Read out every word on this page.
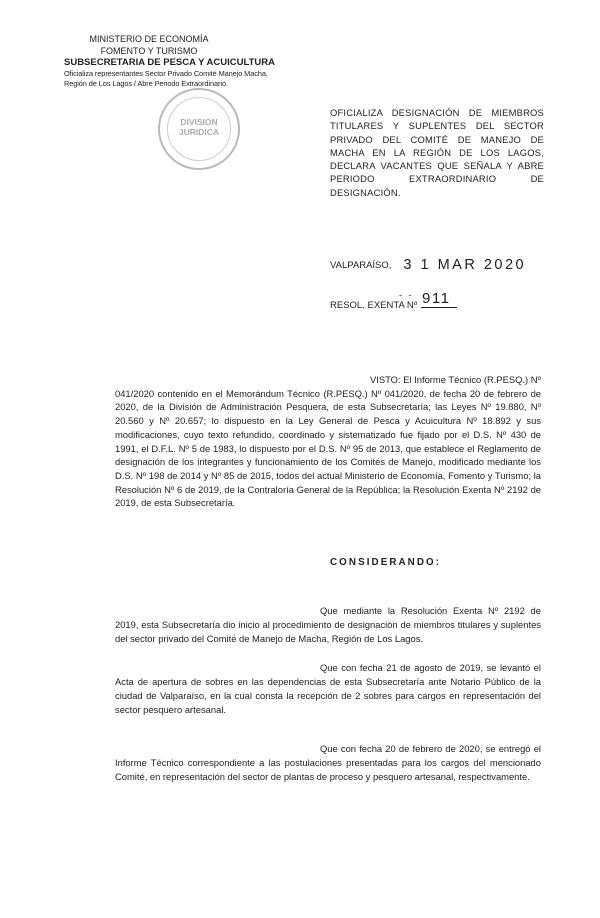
MINISTERIO DE ECONOMÍA
FOMENTO Y TURISMO
SUBSECRETARIA DE PESCA Y ACUICULTURA
Oficializa representantes Sector Privado Comité Manejo Macha,
Región de Los Lagos / Abre Periodo Extraordinario.
DIVISION
JURIDICA
OFICIALIZA DESIGNACIÓN DE MIEMBROS TITULARES Y SUPLENTES DEL SECTOR PRIVADO DEL COMITÉ DE MANEJO DE MACHA EN LA REGIÓN DE LOS LAGOS, DECLARA VACANTES QUE SEÑALA Y ABRE PERIODO EXTRAORDINARIO DE DESIGNACIÓN.
VALPARAÍSO, 3 1 MAR 2020
- -
RESOL. EXENTA Nº 911
VISTO: El Informe Técnico (R.PESQ.) Nº 041/2020 contenido en el Memorándum Técnico (R.PESQ.) Nº 041/2020, de fecha 20 de febrero de 2020, de la División de Administración Pesquera, de esta Subsecretaría; las Leyes Nº 19.880, Nº 20.560 y Nº 20.657; lo dispuesto en la Ley General de Pesca y Acuicultura Nº 18.892 y sus modificaciones, cuyo texto refundido, coordinado y sistematizado fue fijado por el D.S. Nº 430 de 1991, el D.F.L. Nº 5 de 1983, lo dispuesto por el D.S. Nº 95 de 2013, que establece el Reglamento de designación de los integrantes y funcionamiento de los Comités de Manejo, modificado mediante los D.S. Nº 198 de 2014 y Nº 85 de 2015, todos del actual Ministerio de Economía, Fomento y Turismo; la Resolución Nº 6 de 2019, de la Contraloría General de la República; la Resolución Exenta Nº 2192 de 2019, de esta Subsecretaría.
CONSIDERANDO:
Que mediante la Resolución Exenta Nº 2192 de 2019, esta Subsecretaría dio inicio al procedimiento de designación de miembros titulares y suplentes del sector privado del Comité de Manejo de Macha, Región de Los Lagos.
Que con fecha 21 de agosto de 2019, se levantó el Acta de apertura de sobres en las dependencias de esta Subsecretaría ante Notario Público de la ciudad de Valparaíso, en la cual consta la recepción de 2 sobres para cargos en representación del sector pesquero artesanal.
Que con fecha 20 de febrero de 2020, se entregó el Informe Técnico correspondiente a las postulaciones presentadas para los cargos del mencionado Comité, en representación del sector de plantas de proceso y pesquero artesanal, respectivamente.
